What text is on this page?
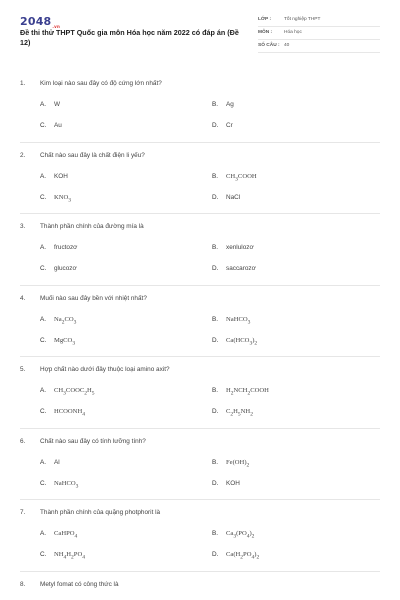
$2048_{.vn}$
Đề thi thử THPT Quốc gia môn Hóa học năm 2022 có đáp án (Đề 12)
LỚP :	Tốt nghiệp THPT
MÔN : Hóa học
SỐ CÂU : 40
1. Kim loại nào sau đây có độ cứng lớn nhất?
A. W	B. Ag
C. Au	D. Cr
2. Chất nào sau đây là chất điện li yếu?
A. KOH	B. $CH_3COOH$
C. $KNO_3$	D. NaCl
3. Thành phần chính của đường mía là
A. fructozơ	B. xenlulozơ
C. glucozơ	D. saccarozơ
4. Muối nào sau đây bền với nhiệt nhất?
A. $Na_2CO_3$	B. NaHCO$_3$
C. MgCO$_3$	D. $Ca(HCO_3)_2$
5. Hợp chất nào dưới đây thuộc loại amino axit?
A. $CH_3COOC_2H_5$	B. $H_2NCH_2COOH$
C. $HCOONH_4$	D. $C_2H_5NH_2$
6. Chất nào sau đây có tính lưỡng tính?
A. Al	B. $Fe(OH)_2$
C. NaHCO$_3$	D. KOH
7. Thành phần chính của quặng photphorit là
A. CaHPO$_4$	B. $Ca_3(PO_4)_2$
C. $NH_4H_2PO_4$	D. $Ca(H_2PO_4)_2$
8. Metyl fomat có công thức là
